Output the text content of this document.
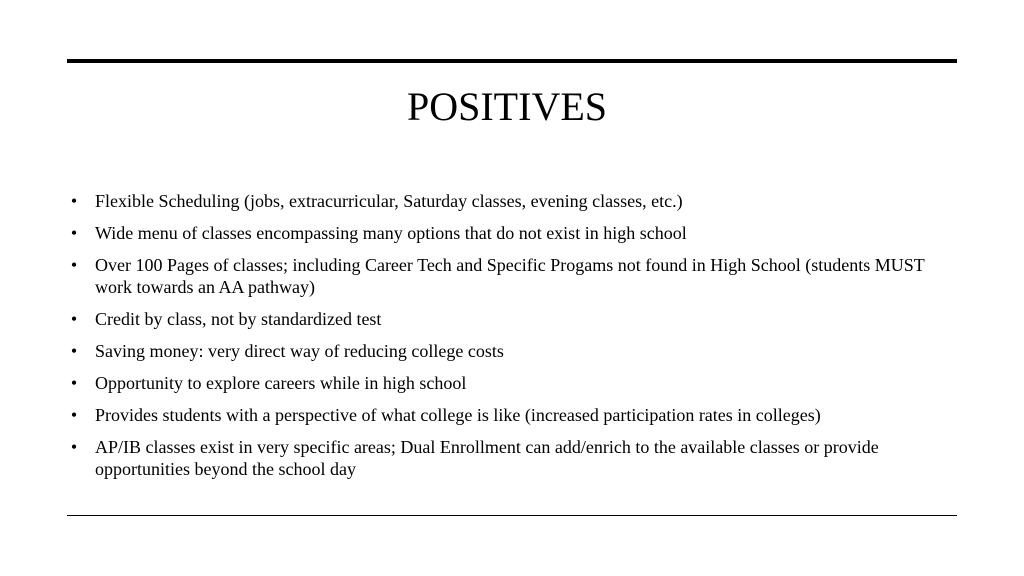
POSITIVES
• Flexible Scheduling (jobs, extracurricular, Saturday classes, evening classes, etc.)
• Wide menu of classes encompassing many options that do not exist in high school
• Over 100 Pages of classes; including Career Tech and Specific Progams not found in High School (students MUST work towards an AA pathway)
• Credit by class, not by standardized test
• Saving money: very direct way of reducing college costs
• Opportunity to explore careers while in high school
• Provides students with a perspective of what college is like (increased participation rates in colleges)
• AP/IB classes exist in very specific areas; Dual Enrollment can add/enrich to the available classes or provide opportunities beyond the school day
